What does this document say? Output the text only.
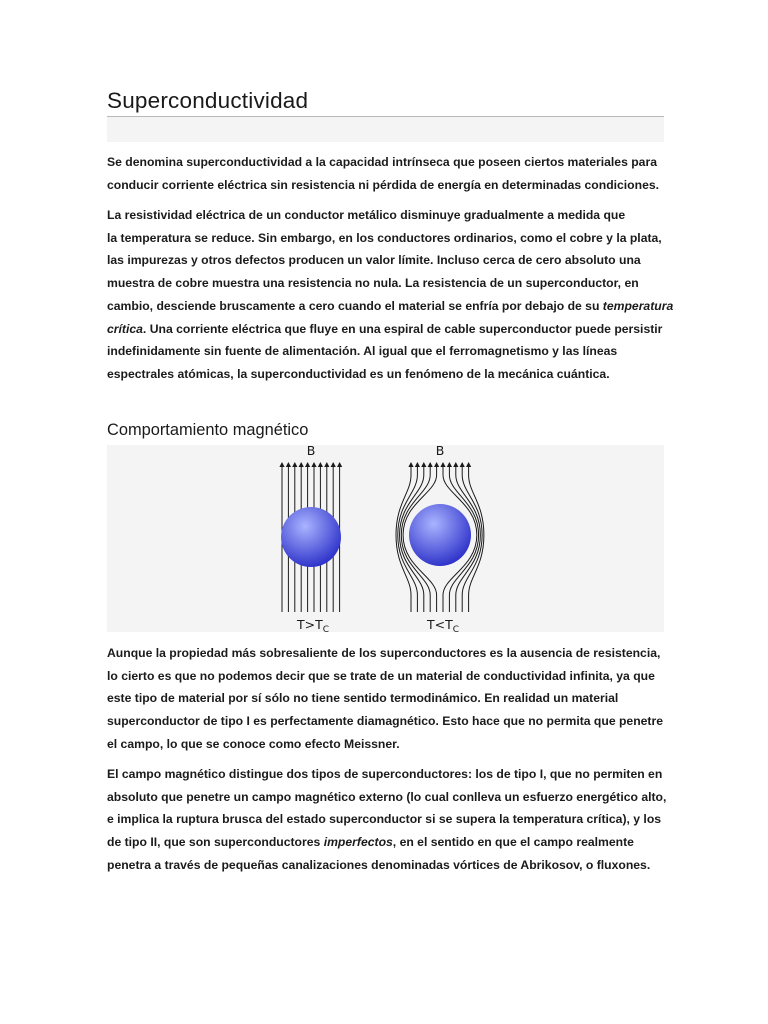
Superconductividad

Se denomina superconductividad a la capacidad intrínseca que poseen ciertos materiales para
conducir corriente eléctrica sin resistencia ni pérdida de energía en determinadas condiciones.

La resistividad eléctrica de un conductor metálico disminuye gradualmente a medida que
la temperatura se reduce. Sin embargo, en los conductores ordinarios, como el cobre y la plata,
las impurezas y otros defectos producen un valor límite. Incluso cerca de cero absoluto una
muestra de cobre muestra una resistencia no nula. La resistencia de un superconductor, en
cambio, desciende bruscamente a cero cuando el material se enfría por debajo de su temperatura
crítica. Una corriente eléctrica que fluye en una espiral de cable superconductor puede persistir
indefinidamente sin fuente de alimentación. Al igual que el ferromagnetismo y las líneas
espectrales atómicas, la superconductividad es un fenómeno de la mecánica cuántica.

Comportamiento magnético
B	B
$T>T_C$	$T<T_C$

Aunque la propiedad más sobresaliente de los superconductores es la ausencia de resistencia,
lo cierto es que no podemos decir que se trate de un material de conductividad infinita, ya que
este tipo de material por sí sólo no tiene sentido termodinámico. En realidad un material
superconductor de tipo I es perfectamente diamagnético. Esto hace que no permita que penetre
el campo, lo que se conoce como efecto Meissner.

El campo magnético distingue dos tipos de superconductores: los de tipo I, que no permiten en
absoluto que penetre un campo magnético externo (lo cual conlleva un esfuerzo energético alto,
e implica la ruptura brusca del estado superconductor si se supera la temperatura crítica), y los
de tipo II, que son superconductores imperfectos, en el sentido en que el campo realmente
penetra a través de pequeñas canalizaciones denominadas vórtices de Abrikosov, o fluxones.
